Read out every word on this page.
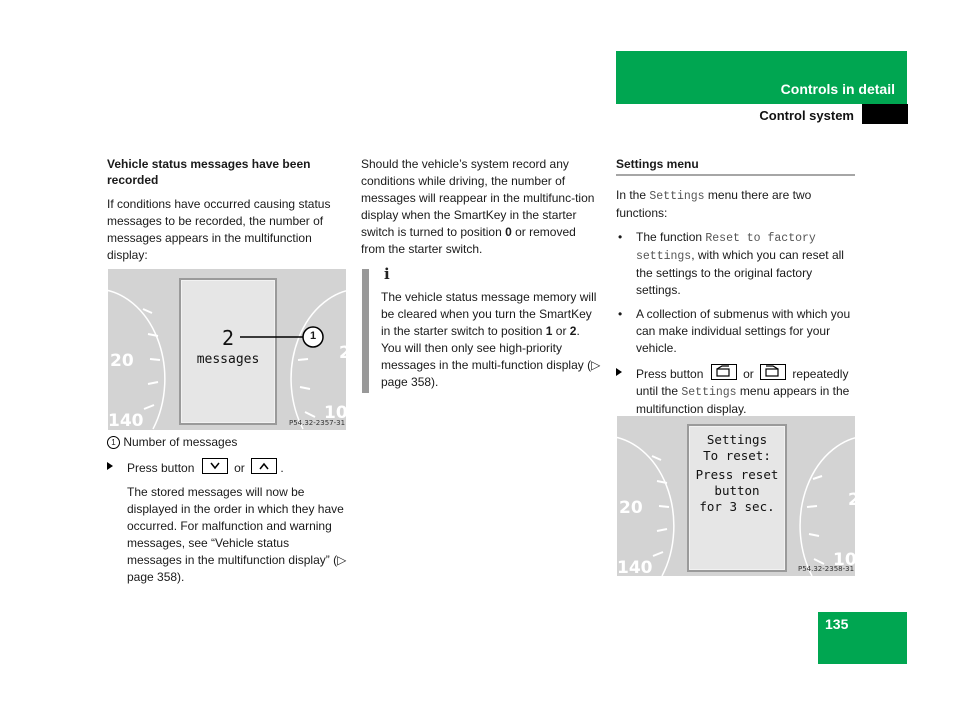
Controls in detail
Control system
Vehicle status messages have been recorded

If conditions have occurred causing status messages to be recorded, the number of messages appears in the multifunction display:

20
140
2
10
2
messages
1
P54.32-2357-31
1 Number of messages
Press button	or	.

The stored messages will now be displayed in the order in which they have occurred. For malfunction and warning messages, see “Vehicle status messages in the multifunction display” (▷ page 358).

Should the vehicle’s system record any conditions while driving, the number of messages will reappear in the multifunc-tion display when the SmartKey in the starter switch is turned to position 0 or removed from the starter switch.

i

The vehicle status message memory will be cleared when you turn the SmartKey in the starter switch to position 1 or 2. You will then only see high-priority messages in the multi-function display (▷ page 358).

Settings menu

In the Settings menu there are two functions:

• The function Reset to factory settings, with which you can reset all the settings to the original factory settings.
• A collection of submenus with which you can make individual settings for your vehicle.
Press button	or	repeatedly until the Settings menu appears in the multifunction display.
20
140
2
10
Settings
To reset:
Press reset
button
for 3 sec.
P54.32-2358-31
135
